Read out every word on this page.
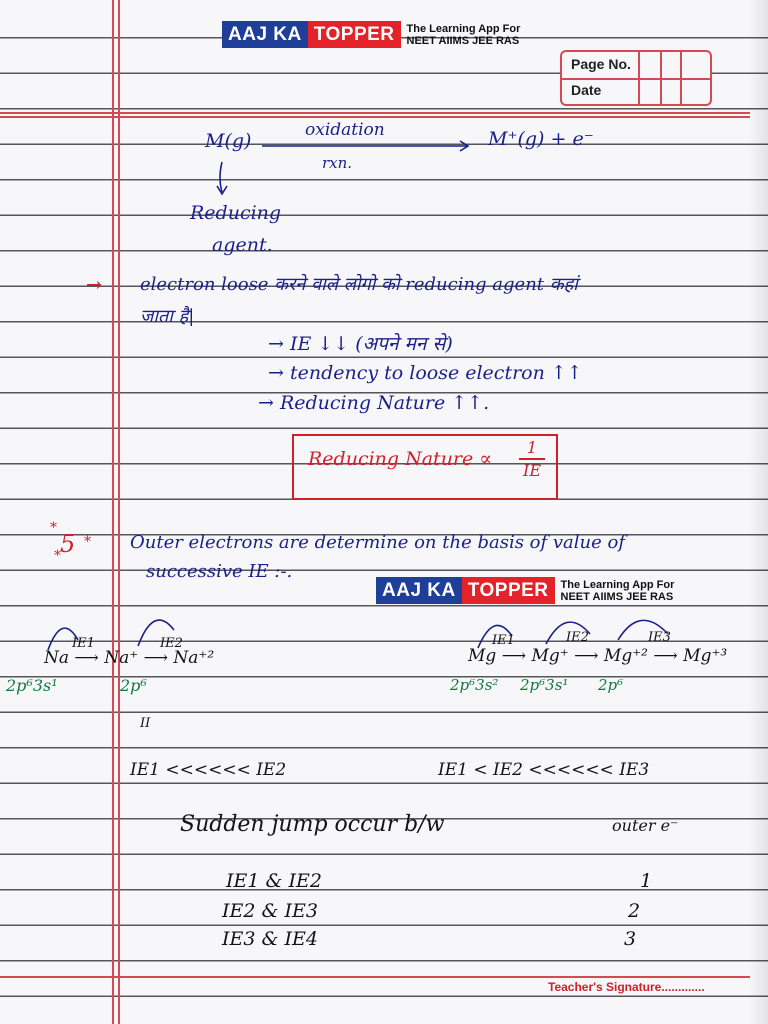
AAJ KA TOPPER	The Learning App For
NEET AIIMS JEE RAS
Page No.
Date
M(g)	oxidation
rxn.
M⁺(g) + e⁻
Reducing
agent.
→ electron loose करने वाले लोगो को reducing agent कहां
जाता है|
→ IE ↓↓ (अपने मन से)
→ tendency to loose electron ↑↑
→ Reducing Nature ↑↑.
Reducing Nature ∝
1
IE
*
5 *
*
Outer electrons are determine on the basis of value of
successive IE :-.
AAJ KA TOPPER	The Learning App For
NEET AIIMS JEE RAS
IE1	IE2
Na ⟶ Na⁺ ⟶ Na⁺²
2p⁶3s¹	2p⁶
IE1	IE2	IE3
Mg ⟶ Mg⁺ ⟶ Mg⁺² ⟶ Mg⁺³
2p⁶3s² 2p⁶3s¹ 2p⁶
II
IE1 <<<<<< IE2	IE1 < IE2 <<<<<< IE3
Sudden jump occur b/w	outer e⁻
IE1 & IE2	1
IE2 & IE3	2
IE3 & IE4	3
Teacher's Signature.............
